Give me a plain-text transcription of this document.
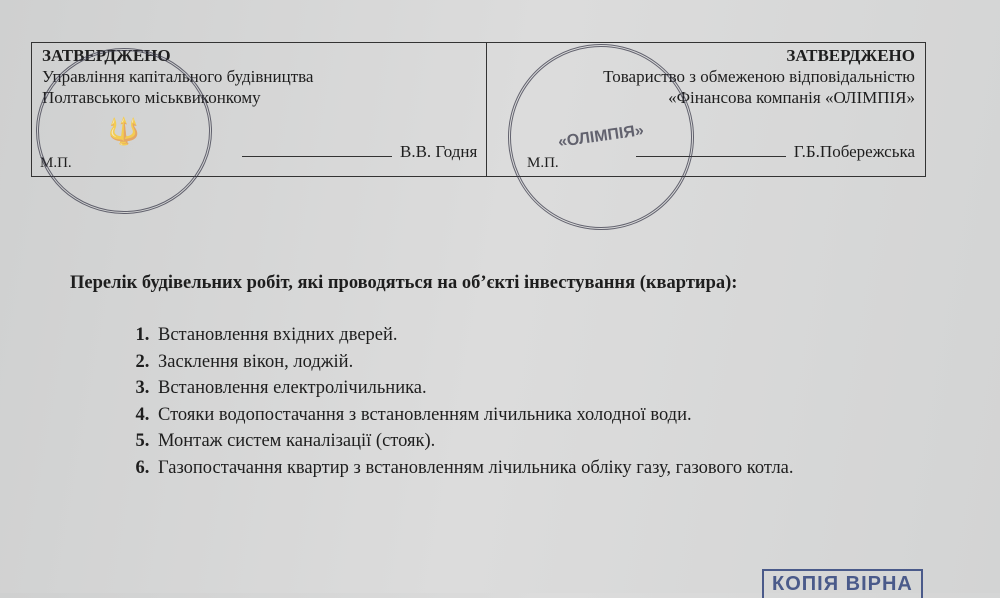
ЗАТВЕРДЖЕНО
Управління капітального будівництва
Полтавського міськвиконкому
В.В. Годня
М.П.
ЗАТВЕРДЖЕНО
Товариство з обмеженою відповідальністю
«Фінансова компанія «ОЛІМПІЯ»
Г.Б.Побережська
М.П.
🔱	«ОЛІМПІЯ»
Перелік будівельних робіт, які проводяться на об’єкті інвестування (квартира):
1. Встановлення вхідних дверей.
2. Засклення вікон, лоджій.
3. Встановлення електролічильника.
4. Стояки водопостачання з встановленням лічильника холодної води.
5. Монтаж систем каналізації (стояк).
6. Газопостачання квартир з встановленням лічильника обліку газу, газового котла.
КОПІЯ ВІРНА
